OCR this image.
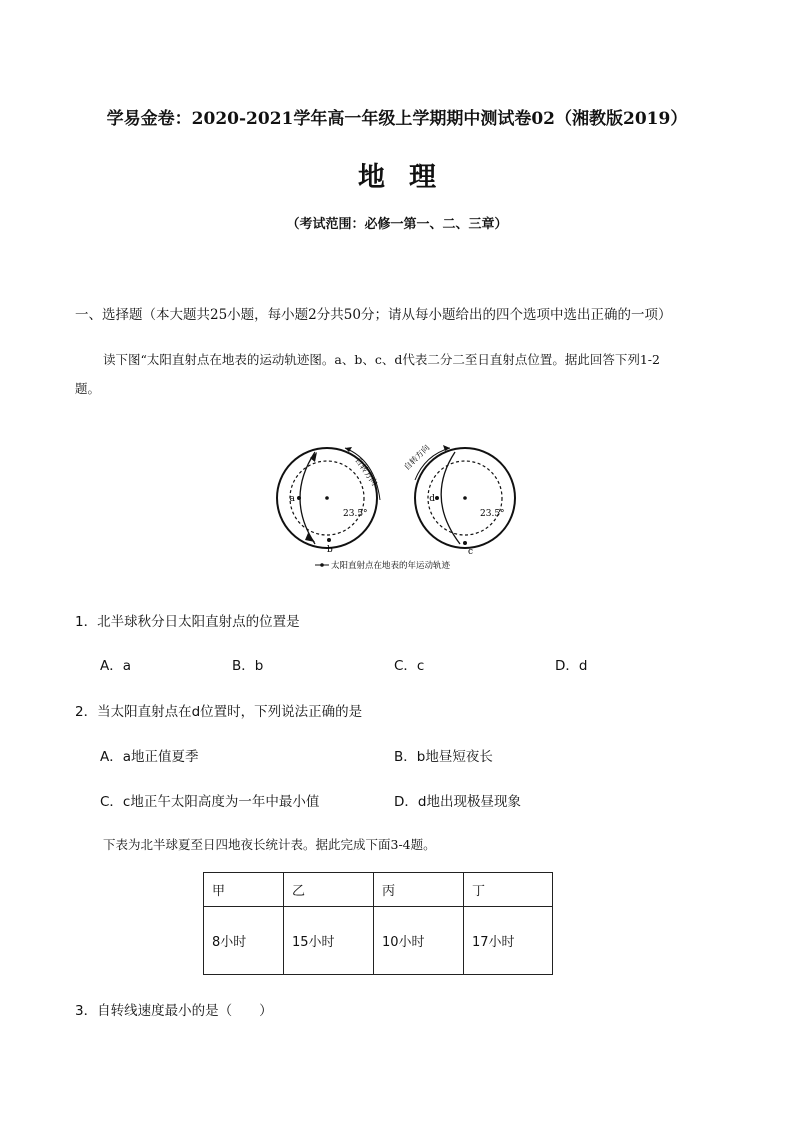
学易金卷：2020-2021学年高一年级上学期期中测试卷02（湘教版2019）
地理
（考试范围：必修一第一、二、三章）
一、选择题（本大题共25小题，每小题2分共50分；请从每小题给出的四个选项中选出正确的一项）
读下图“太阳直射点在地表的运动轨迹图。a、b、c、d代表二分二至日直射点位置。据此回答下列1-2
题。
自转方向
23.5°
a
b
自转方向
23.5°
d
c
太阳直射点在地表的年运动轨迹
1．北半球秋分日太阳直射点的位置是
A．a	B．b	C．c	D．d
2．当太阳直射点在d位置时，下列说法正确的是
A．a地正值夏季	B．b地昼短夜长
C．c地正午太阳高度为一年中最小值	D．d地出现极昼现象
下表为北半球夏至日四地夜长统计表。据此完成下面3-4题。
甲	乙	丙	丁
8小时	15小时	10小时	17小时
3．自转线速度最小的是（　　）
